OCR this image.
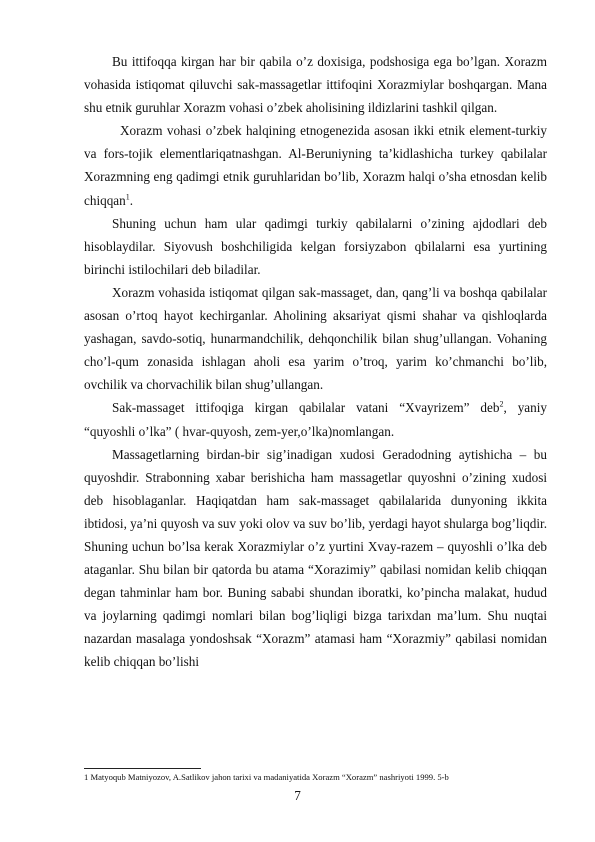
Bu ittifoqqa kirgan har bir qabila o’z doxisiga, podshosiga ega bo’lgan. Xorazm vohasida istiqomat qiluvchi sak-massagetlar ittifoqini Xorazmiylar boshqargan. Mana shu etnik guruhlar Xorazm vohasi o’zbek aholisining ildizlarini tashkil qilgan.

Xorazm vohasi o’zbek halqining etnogenezida asosan ikki etnik element-turkiy va fors-tojik elementlariqatnashgan. Al-Beruniyning ta’kidlashicha turkey qabilalar Xorazmning eng qadimgi etnik guruhlaridan bo’lib, Xorazm halqi o’sha etnosdan kelib chiqqan$^1$.

Shuning uchun ham ular qadimgi turkiy qabilalarni o’zining ajdodlari deb hisoblaydilar. Siyovush boshchiligida kelgan forsiyzabon qbilalarni esa yurtining birinchi istilochilari deb biladilar.

Xorazm vohasida istiqomat qilgan sak-massaget, dan, qang’li va boshqa qabilalar asosan o’rtoq hayot kechirganlar. Aholining aksariyat qismi shahar va qishloqlarda yashagan, savdo-sotiq, hunarmandchilik, dehqonchilik bilan shug’ullangan. Vohaning cho’l-qum zonasida ishlagan aholi esa yarim o’troq, yarim ko’chmanchi bo’lib, ovchilik va chorvachilik bilan shug’ullangan.

Sak-massaget ittifoqiga kirgan qabilalar vatani “Xvayrizem” deb$^2$, yaniy “quyoshli o’lka” ( hvar-quyosh, zem-yer,o’lka)nomlangan.

Massagetlarning birdan-bir sig’inadigan xudosi Geradodning aytishicha – bu quyoshdir. Strabonning xabar berishicha ham massagetlar quyoshni o’zining xudosi deb hisoblaganlar. Haqiqatdan ham sak-massaget qabilalarida dunyoning ikkita ibtidosi, ya’ni quyosh va suv yoki olov va suv bo’lib, yerdagi hayot shularga bog’liqdir. Shuning uchun bo’lsa kerak Xorazmiylar o’z yurtini Xvay-razem – quyoshli o’lka deb ataganlar. Shu bilan bir qatorda bu atama “Xorazimiy” qabilasi nomidan kelib chiqqan degan tahminlar ham bor. Buning sababi shundan iboratki, ko’pincha malakat, hudud va joylarning qadimgi nomlari bilan bog’liqligi bizga tarixdan ma’lum. Shu nuqtai nazardan masalaga yondoshsak “Xorazm” atamasi ham “Xorazmiy” qabilasi nomidan kelib chiqqan bo’lishi

1 Matyoqub Matniyozov, A.Satlikov jahon tarixi va madaniyatida Xorazm “Xorazm” nashriyoti 1999. 5-b
7
